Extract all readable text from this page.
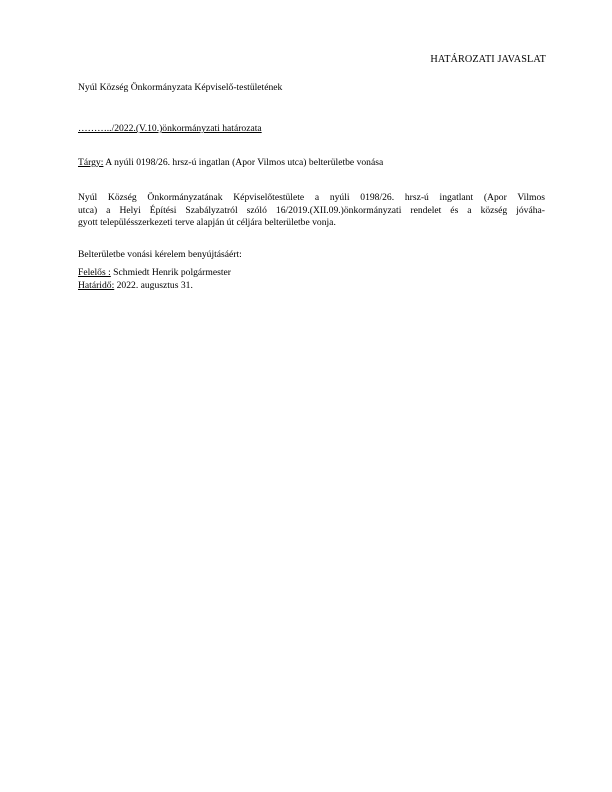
HATÁROZATI JAVASLAT
Nyúl Község Önkormányzata Képviselő-testületének
………../2022.(V.10.)önkormányzati határozata
Tárgy: A nyúli 0198/26. hrsz-ú ingatlan (Apor Vilmos utca) belterületbe vonása
Nyúl Község Önkormányzatának Képviselőtestülete a nyúli 0198/26. hrsz-ú ingatlant (Apor Vilmos
utca) a Helyi Építési Szabályzatról szóló 16/2019.(XII.09.)önkormányzati rendelet és a község jóváha-
gyott településszerkezeti terve alapján út céljára belterületbe vonja.
Belterületbe vonási kérelem benyújtásáért:
Felelős : Schmiedt Henrik polgármester
Határidő: 2022. augusztus 31.
